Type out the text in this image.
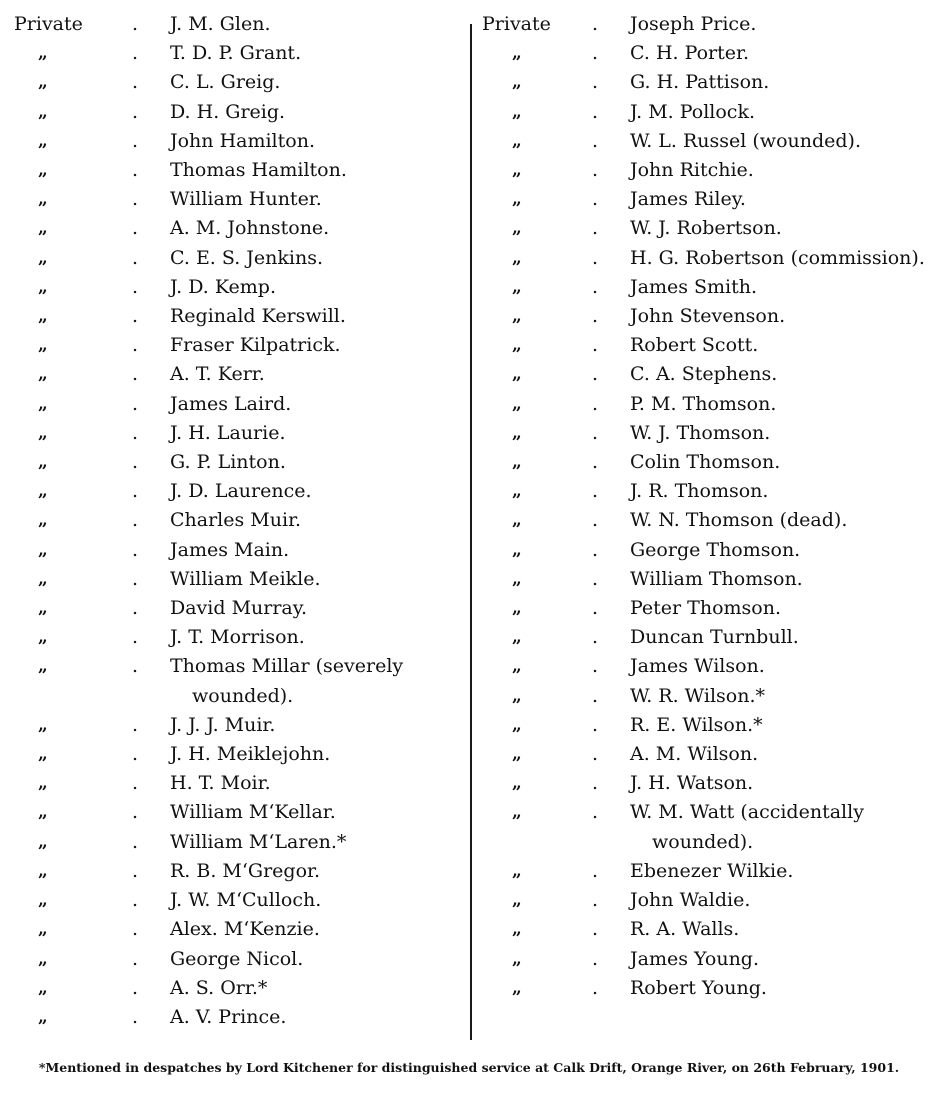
Private	. J. M. Glen.
„	. T. D. P. Grant.
„	. C. L. Greig.
„	. D. H. Greig.
„	. John Hamilton.
„	. Thomas Hamilton.
„	. William Hunter.
„	. A. M. Johnstone.
„	. C. E. S. Jenkins.
„	. J. D. Kemp.
„	. Reginald Kerswill.
„	. Fraser Kilpatrick.
„	. A. T. Kerr.
„	. James Laird.
„	. J. H. Laurie.
„	. G. P. Linton.
„	. J. D. Laurence.
„	. Charles Muir.
„	. James Main.
„	. William Meikle.
„	. David Murray.
„	. J. T. Morrison.
„	. Thomas Millar (severely wounded).
„	. J. J. J. Muir.
„	. J. H. Meiklejohn.
„	. H. T. Moir.
„	. William M‘Kellar.
„	. William M‘Laren.*
„	. R. B. M‘Gregor.
„	. J. W. M‘Culloch.
„	. Alex. M‘Kenzie.
„	. George Nicol.
„	. A. S. Orr.*
„	. A. V. Prince.
Private	. Joseph Price.
„	. C. H. Porter.
„	. G. H. Pattison.
„	. J. M. Pollock.
„	. W. L. Russel (wounded).
„	. John Ritchie.
„	. James Riley.
„	. W. J. Robertson.
„	. H. G. Robertson (commission).
„	. James Smith.
„	. John Stevenson.
„	. Robert Scott.
„	. C. A. Stephens.
„	. P. M. Thomson.
„	. W. J. Thomson.
„	. Colin Thomson.
„	. J. R. Thomson.
„	. W. N. Thomson (dead).
„	. George Thomson.
„	. William Thomson.
„	. Peter Thomson.
„	. Duncan Turnbull.
„	. James Wilson.
„	. W. R. Wilson.*
„	. R. E. Wilson.*
„	. A. M. Wilson.
„	. J. H. Watson.
„	. W. M. Watt (accidentally wounded).
„	. Ebenezer Wilkie.
„	. John Waldie.
„	. R. A. Walls.
„	. James Young.
„	. Robert Young.
*Mentioned in despatches by Lord Kitchener for distinguished service at Calk Drift, Orange River, on 26th February, 1901.
